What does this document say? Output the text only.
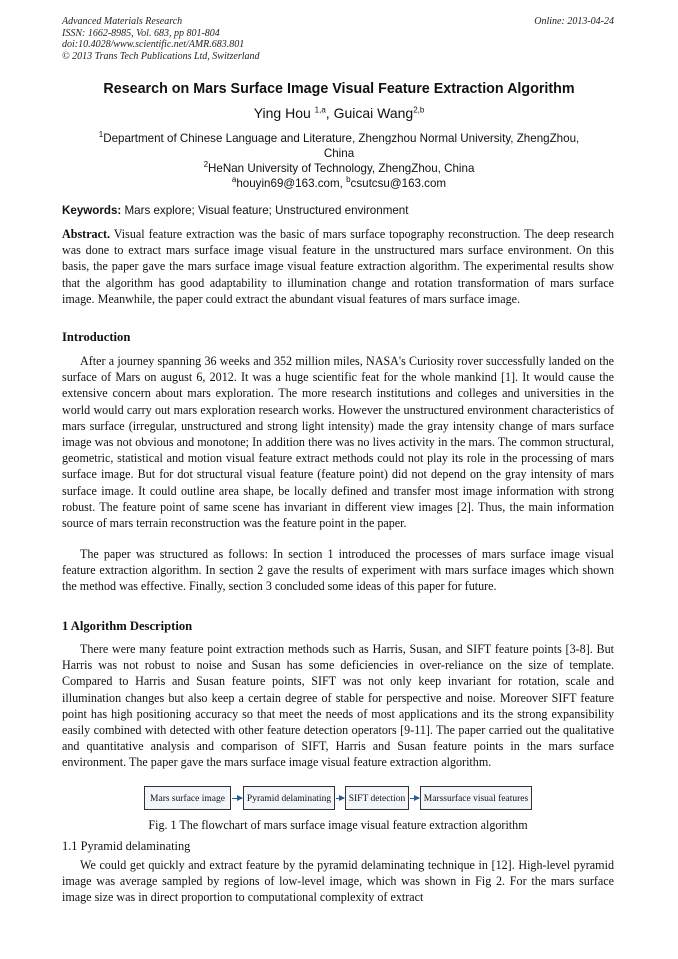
Advanced Materials Research
ISSN: 1662-8985, Vol. 683, pp 801-804
doi:10.4028/www.scientific.net/AMR.683.801
© 2013 Trans Tech Publications Ltd, Switzerland
Online: 2013-04-24
Research on Mars Surface Image Visual Feature Extraction Algorithm
Ying Hou $^{1,a}$, Guicai Wang$^{2,b}$
$^1$Department of Chinese Language and Literature, Zhengzhou Normal University, ZhengZhou,
China
$^2$HeNan University of Technology, ZhengZhou, China
$^a$houyin69@163.com, $^b$csutcsu@163.com
Keywords: Mars explore; Visual feature; Unstructured environment
Abstract. Visual feature extraction was the basic of mars surface topography reconstruction. The deep research was done to extract mars surface image visual feature in the unstructured mars surface environment. On this basis, the paper gave the mars surface image visual feature extraction algorithm. The experimental results show that the algorithm has good adaptability to illumination change and rotation transformation of mars surface image. Meanwhile, the paper could extract the abundant visual features of mars surface image.
Introduction
After a journey spanning 36 weeks and 352 million miles, NASA's Curiosity rover successfully landed on the surface of Mars on august 6, 2012. It was a huge scientific feat for the whole mankind [1]. It would cause the extensive concern about mars exploration. The more research institutions and colleges and universities in the world would carry out mars exploration research works. However the unstructured environment characteristics of mars surface (irregular, unstructured and strong light intensity) made the gray intensity change of mars surface image was not obvious and monotone; In addition there was no lives activity in the mars. The common structural, geometric, statistical and motion visual feature extract methods could not play its role in the processing of mars surface image. But for dot structural visual feature (feature point) did not depend on the gray intensity of mars surface image. It could outline area shape, be locally defined and transfer most image information with strong robust. The feature point of same scene has invariant in different view images [2]. Thus, the main information source of mars terrain reconstruction was the feature point in the paper.
The paper was structured as follows: In section 1 introduced the processes of mars surface image visual feature extraction algorithm. In section 2 gave the results of experiment with mars surface images which shown the method was effective. Finally, section 3 concluded some ideas of this paper for future.
1 Algorithm Description
There were many feature point extraction methods such as Harris, Susan, and SIFT feature points [3-8]. But Harris was not robust to noise and Susan has some deficiencies in over-reliance on the size of template. Compared to Harris and Susan feature points, SIFT was not only keep invariant for rotation, scale and illumination changes but also keep a certain degree of stable for perspective and noise. Moreover SIFT feature point has high positioning accuracy so that meet the needs of most applications and its the strong expansibility easily combined with detected with other feature detection operators [9-11]. The paper carried out the qualitative and quantitative analysis and comparison of SIFT, Harris and Susan feature points in the mars surface environment. The paper gave the mars surface image visual feature extraction algorithm.
Mars surface image	Pyramid delaminating	SIFT detection	Marssurface visual features
Fig. 1 The flowchart of mars surface image visual feature extraction algorithm
1.1 Pyramid delaminating
We could get quickly and extract feature by the pyramid delaminating technique in [12]. High-level pyramid image was average sampled by regions of low-level image, which was shown in Fig 2. For the mars surface image size was in direct proportion to computational complexity of extract
